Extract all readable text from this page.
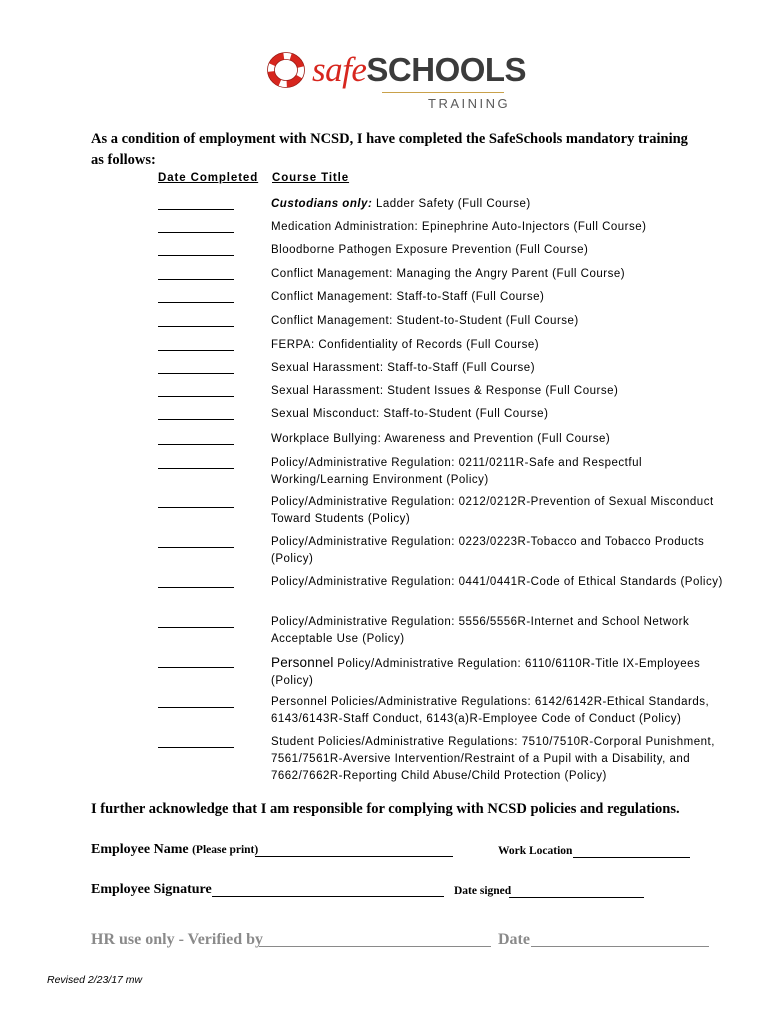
safeSCHOOLS
TRAINING
As a condition of employment with NCSD, I have completed the SafeSchools mandatory training as follows:
Date Completed Course Title
Custodians only: Ladder Safety (Full Course)
Medication Administration: Epinephrine Auto-Injectors (Full Course)
Bloodborne Pathogen Exposure Prevention (Full Course)
Conflict Management: Managing the Angry Parent (Full Course)
Conflict Management: Staff-to-Staff (Full Course)
Conflict Management: Student-to-Student (Full Course)
FERPA: Confidentiality of Records (Full Course)
Sexual Harassment: Staff-to-Staff (Full Course)
Sexual Harassment: Student Issues & Response (Full Course)
Sexual Misconduct: Staff-to-Student (Full Course)
Workplace Bullying: Awareness and Prevention (Full Course)
Policy/Administrative Regulation: 0211/0211R-Safe and Respectful Working/Learning Environment (Policy)
Policy/Administrative Regulation: 0212/0212R-Prevention of Sexual Misconduct Toward Students (Policy)
Policy/Administrative Regulation: 0223/0223R-Tobacco and Tobacco Products (Policy)
Policy/Administrative Regulation: 0441/0441R-Code of Ethical Standards (Policy)
Policy/Administrative Regulation: 5556/5556R-Internet and School Network Acceptable Use (Policy)
Personnel Policy/Administrative Regulation: 6110/6110R-Title IX-Employees (Policy)
Personnel Policies/Administrative Regulations: 6142/6142R-Ethical Standards, 6143/6143R-Staff Conduct, 6143(a)R-Employee Code of Conduct (Policy)
Student Policies/Administrative Regulations: 7510/7510R-Corporal Punishment, 7561/7561R-Aversive Intervention/Restraint of a Pupil with a Disability, and 7662/7662R-Reporting Child Abuse/Child Protection (Policy)
I further acknowledge that I am responsible for complying with NCSD policies and regulations.
Employee Name (Please print)	Work Location
Employee Signature	Date signed
HR use only - Verified by	Date
Revised 2/23/17 mw
